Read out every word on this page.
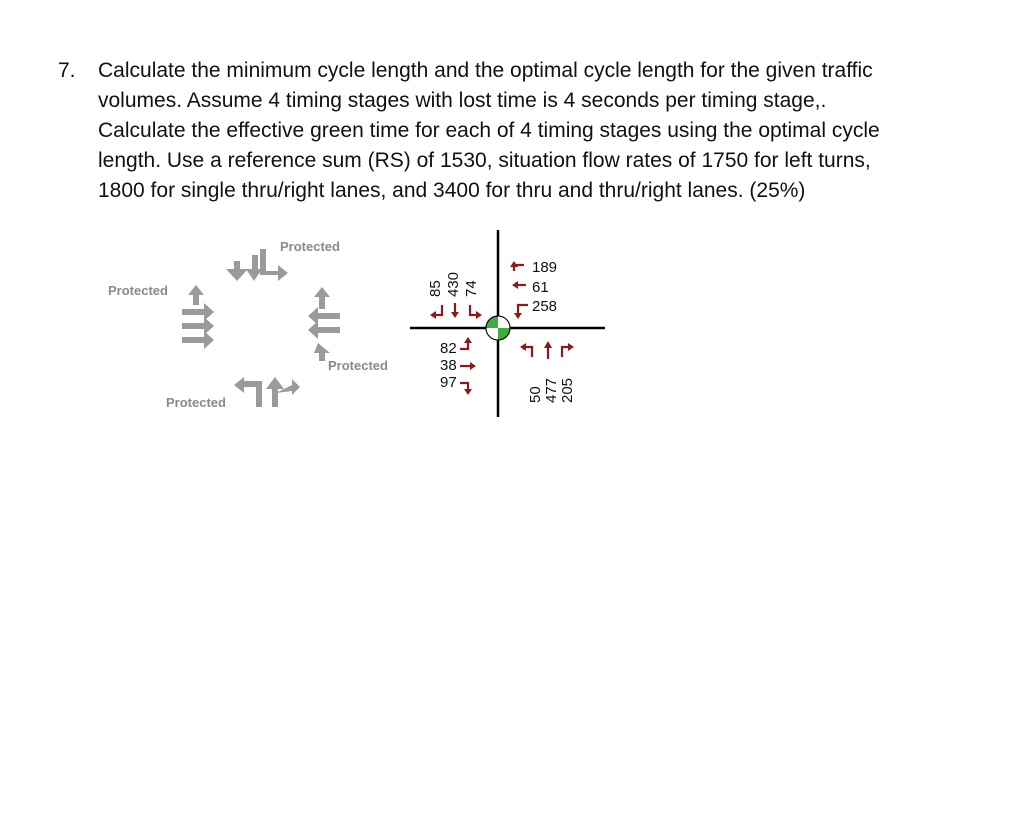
7. Calculate the minimum cycle length and the optimal cycle length for the given traffic

volumes. Assume 4 timing stages with lost time is 4 seconds per timing stage,.

Calculate the effective green time for each of 4 timing stages using the optimal cycle

length. Use a reference sum (RS) of 1530, situation flow rates of 1750 for left turns,

1800 for single thru/right lanes, and 3400 for thru and thru/right lanes. (25%)

Protected
Protected
Protected
Protected
85 430 74
189
61
258
82
38
97
50 477 205
